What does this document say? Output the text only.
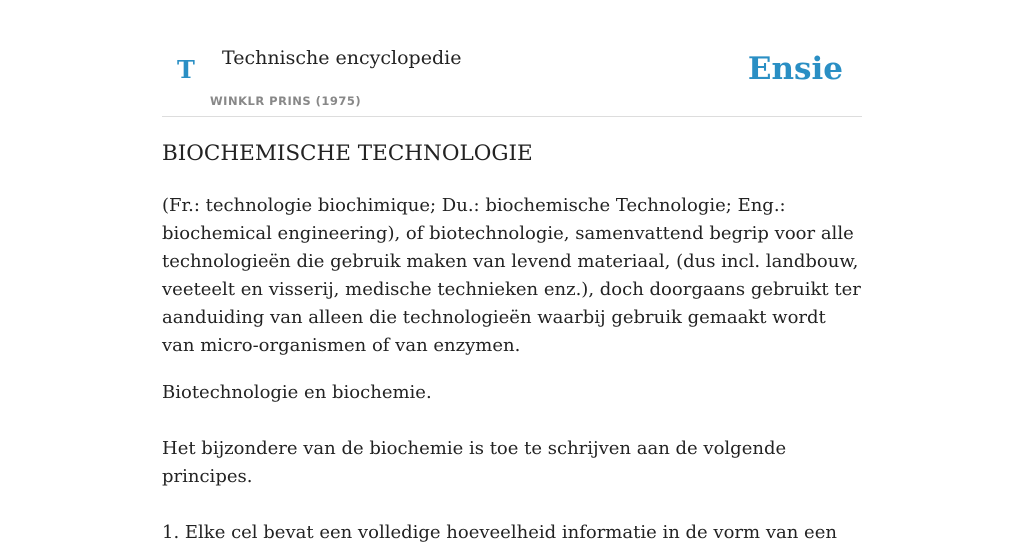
T Technische encyclopedie
WINKLR PRINS (1975)
Ensie
BIOCHEMISCHE TECHNOLOGIE

(Fr.: technologie biochimique; Du.: biochemische Technologie; Eng.: biochemical engineering), of biotechnologie, samenvattend begrip voor alle technologieën die gebruik maken van levend materiaal, (dus incl. landbouw, veeteelt en visserij, medische technieken enz.), doch doorgaans gebruikt ter aanduiding van alleen die technologieën waarbij gebruik gemaakt wordt van micro-organismen of van enzymen.

Biotechnologie en biochemie.

Het bijzondere van de biochemie is toe te schrijven aan de volgende principes.

1. Elke cel bevat een volledige hoeveelheid informatie in de vorm van een
